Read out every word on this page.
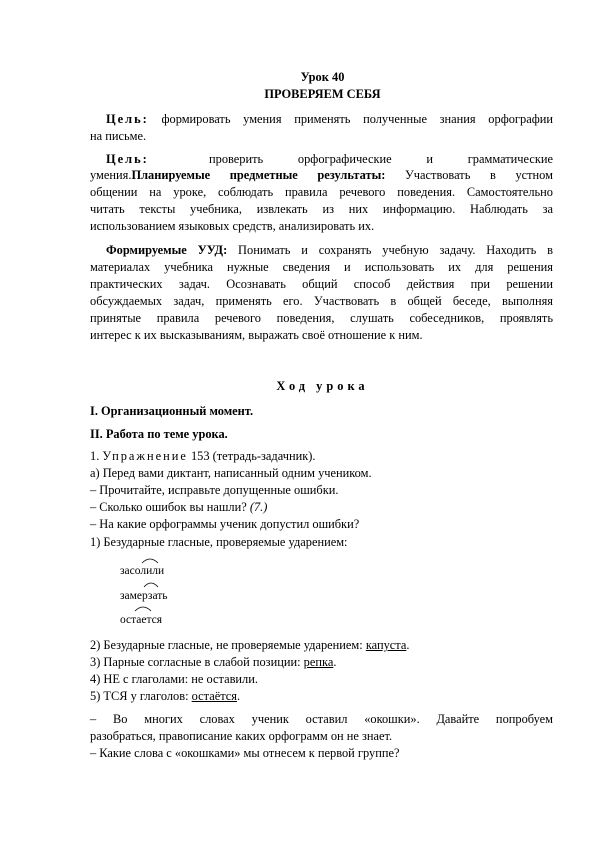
Урок 40
ПРОВЕРЯЕМ СЕБЯ
Цель: формировать умения применять полученные знания орфографии
на письме.
Цель:	проверить орфографические и грамматические
умения.Планируемые предметные результаты: Участвовать в устном
общении на уроке, соблюдать правила речевого поведения. Самостоятельно
читать тексты учебника, извлекать из них информацию. Наблюдать за
использованием языковых средств, анализировать их.
Формируемые УУД: Понимать и сохранять учебную задачу. Находить в
материалах учебника нужные сведения и использовать их для решения
практических задач. Осознавать общий способ действия при решении
обсуждаемых задач, применять его. Участвовать в общей беседе, выполняя
принятые правила речевого поведения, слушать собеседников, проявлять
интерес к их высказываниям, выражать своё отношение к ним.
Ход урока
I. Организационный момент.
II. Работа по теме урока.
1. Упражнение 153 (тетрадь-задачник).
а) Перед вами диктант, написанный одним учеником.
– Прочитайте, исправьте допущенные ошибки.
– Сколько ошибок вы нашли? (7.)
– На какие орфограммы ученик допустил ошибки?
1) Безударные гласные, проверяемые ударением:
засолили
замерзать
остается
2) Безударные гласные, не проверяемые ударением: капуста.
3) Парные согласные в слабой позиции: репка.
4) НЕ с глаголами: не оставили.
5) ТСЯ у глаголов: остаётся.
– Во многих словах ученик оставил «окошки». Давайте попробуем
разобраться, правописание каких орфограмм он не знает.
– Какие слова с «окошками» мы отнесем к первой группе?
